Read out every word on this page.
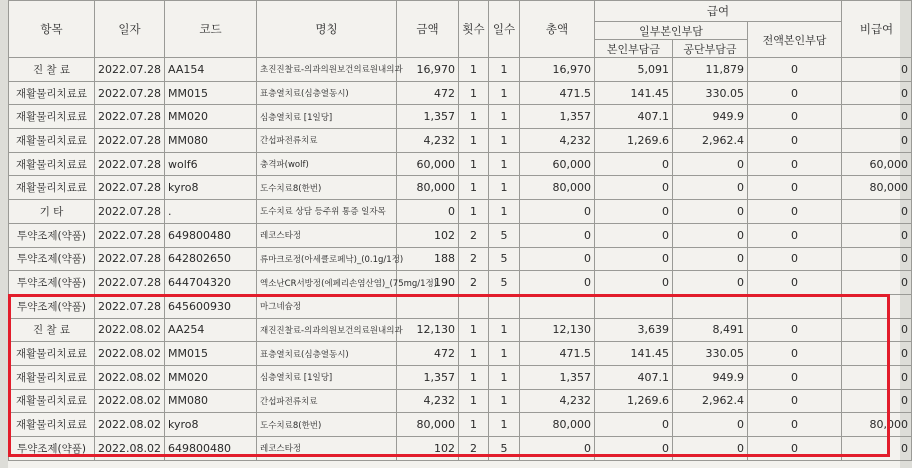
항목	일자	코드	명칭	금액	횟수	일수	총액	급여			비급여
								일부본인부담		전액본인부담	
								본인부담금	공단부담금		
진 찰 료	2022.07.28	AA154	초진진찰료-의과의원보건의료원내의과	16,970	1	1	16,970	5,091	11,879	0	0
재활물리치료료	2022.07.28	MM015	표층열치료(심층열동시)	472	1	1	471.5	141.45	330.05	0	0
재활물리치료료	2022.07.28	MM020	심층열치료 [1일당]	1,357	1	1	1,357	407.1	949.9	0	0
재활물리치료료	2022.07.28	MM080	간섭파전류치료	4,232	1	1	4,232	1,269.6	2,962.4	0	0
재활물리치료료	2022.07.28	wolf6	충격파(wolf)	60,000	1	1	60,000	0	0	0	60,000
재활물리치료료	2022.07.28	kyro8	도수치료8(한번)	80,000	1	1	80,000	0	0	0	80,000
기 타	2022.07.28	.	도수치료 상담 등주위 통증 일자목	0	1	1	0	0	0	0	0
투약조제(약품)	2022.07.28	649800480	레코스타정	102	2	5	0	0	0	0	0
투약조제(약품)	2022.07.28	642802650	류마크로정(아세클로페낙)_(0.1g/1정)	188	2	5	0	0	0	0	0
투약조제(약품)	2022.07.28	644704320	엑소난CR서방정(에페리손염산염)_(75mg/1정)	190	2	5	0	0	0	0	0
투약조제(약품)	2022.07.28	645600930	마그네슘정								
진 찰 료	2022.08.02	AA254	재진진찰료-의과의원보건의료원내의과	12,130	1	1	12,130	3,639	8,491	0	0
재활물리치료료	2022.08.02	MM015	표층열치료(심층열동시)	472	1	1	471.5	141.45	330.05	0	0
재활물리치료료	2022.08.02	MM020	심층열치료 [1일당]	1,357	1	1	1,357	407.1	949.9	0	0
재활물리치료료	2022.08.02	MM080	간섭파전류치료	4,232	1	1	4,232	1,269.6	2,962.4	0	0
재활물리치료료	2022.08.02	kyro8	도수치료8(한번)	80,000	1	1	80,000	0	0	0	80,000
투약조제(약품)	2022.08.02	649800480	레코스타정	102	2	5	0	0	0	0	0
